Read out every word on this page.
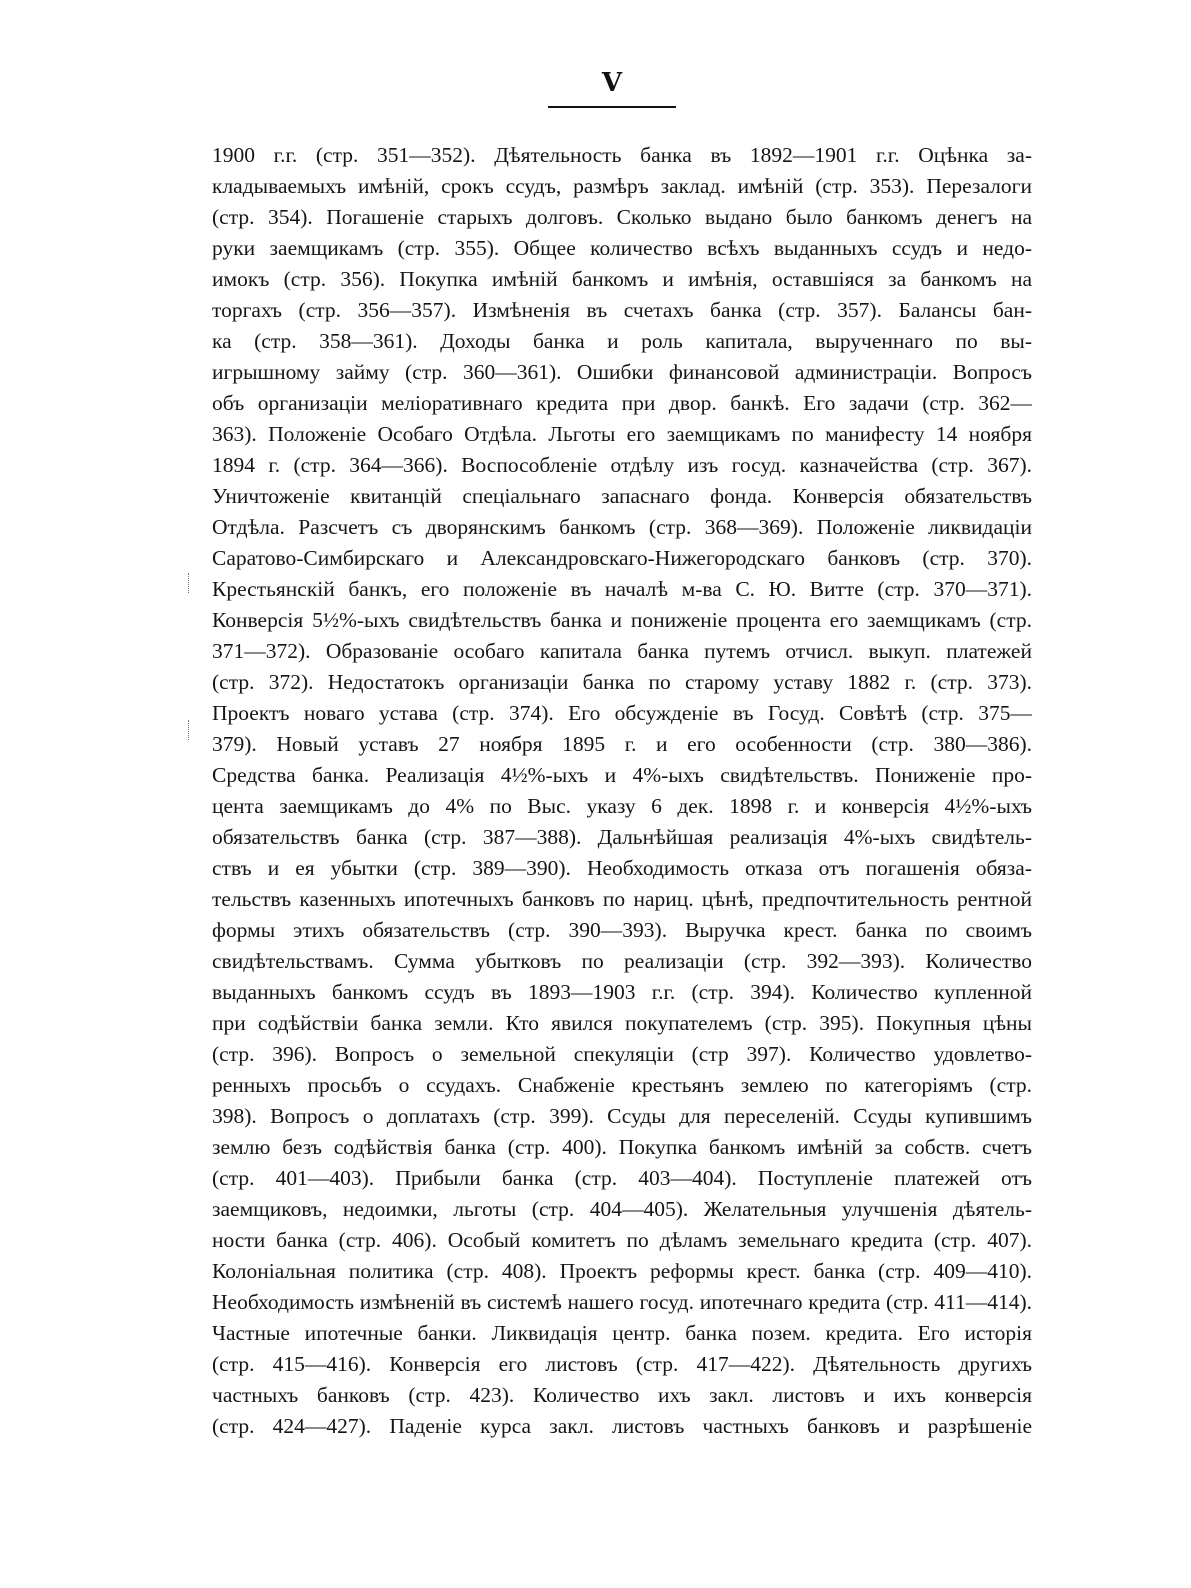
V
1900 г.г. (стр. 351—352). Дѣятельность банка въ 1892—1901 г.г. Оцѣнка за-
кладываемыхъ имѣній, срокъ ссудъ, размѣръ заклад. имѣній (стр. 353). Перезалоги
(стр. 354). Погашеніе старыхъ долговъ. Сколько выдано было банкомъ денегъ на
руки заемщикамъ (стр. 355). Общее количество всѣхъ выданныхъ ссудъ и недо-
имокъ (стр. 356). Покупка имѣній банкомъ и имѣнія, оставшіяся за банкомъ на
торгахъ (стр. 356—357). Измѣненія въ счетахъ банка (стр. 357). Балансы бан-
ка (стр. 358—361). Доходы банка и роль капитала, вырученнаго по вы-
игрышному займу (стр. 360—361). Ошибки финансовой администраціи. Вопросъ
объ организаціи меліоративнаго кредита при двор. банкѣ. Его задачи (стр. 362—
363). Положеніе Особаго Отдѣла. Льготы его заемщикамъ по манифесту 14 ноября
1894 г. (стр. 364—366). Воспособленіе отдѣлу изъ госуд. казначейства (стр. 367).
Уничтоженіе квитанцій спеціальнаго запаснаго фонда. Конверсія обязательствъ
Отдѣла. Разсчетъ съ дворянскимъ банкомъ (стр. 368—369). Положеніе ликвидаціи
Саратово-Симбирскаго и Александровскаго-Нижегородскаго банковъ (стр. 370).
Крестьянскій банкъ, его положеніе въ началѣ м-ва С. Ю. Витте (стр. 370—371).
Конверсія 5½%-ыхъ свидѣтельствъ банка и пониженіе процента его заемщикамъ (стр.
371—372). Образованіе особаго капитала банка путемъ отчисл. выкуп. платежей
(стр. 372). Недостатокъ организаціи банка по старому уставу 1882 г. (стр. 373).
Проектъ новаго устава (стр. 374). Его обсужденіе въ Госуд. Совѣтѣ (стр. 375—
379). Новый уставъ 27 ноября 1895 г. и его особенности (стр. 380—386).
Средства банка. Реализація 4½%-ыхъ и 4%-ыхъ свидѣтельствъ. Пониженіе про-
цента заемщикамъ до 4% по Выс. указу 6 дек. 1898 г. и конверсія 4½%-ыхъ
обязательствъ банка (стр. 387—388). Дальнѣйшая реализація 4%-ыхъ свидѣтель-
ствъ и ея убытки (стр. 389—390). Необходимость отказа отъ погашенія обяза-
тельствъ казенныхъ ипотечныхъ банковъ по нариц. цѣнѣ, предпочтительность рентной
формы этихъ обязательствъ (стр. 390—393). Выручка крест. банка по своимъ
свидѣтельствамъ. Сумма убытковъ по реализаціи (стр. 392—393). Количество
выданныхъ банкомъ ссудъ въ 1893—1903 г.г. (стр. 394). Количество купленной
при содѣйствіи банка земли. Кто явился покупателемъ (стр. 395). Покупныя цѣны
(стр. 396). Вопросъ о земельной спекуляціи (стр 397). Количество удовлетво-
ренныхъ просьбъ о ссудахъ. Снабженіе крестьянъ землею по категоріямъ (стр.
398). Вопросъ о доплатахъ (стр. 399). Ссуды для переселеній. Ссуды купившимъ
землю безъ содѣйствія банка (стр. 400). Покупка банкомъ имѣній за собств. счетъ
(стр. 401—403). Прибыли банка (стр. 403—404). Поступленіе платежей отъ
заемщиковъ, недоимки, льготы (стр. 404—405). Желательныя улучшенія дѣятель-
ности банка (стр. 406). Особый комитетъ по дѣламъ земельнаго кредита (стр. 407).
Колоніальная политика (стр. 408). Проектъ реформы крест. банка (стр. 409—410).
Необходимость измѣненій въ системѣ нашего госуд. ипотечнаго кредита (стр. 411—414).
Частные ипотечные банки. Ликвидація центр. банка позем. кредита. Его исторія
(стр. 415—416). Конверсія его листовъ (стр. 417—422). Дѣятельность другихъ
частныхъ банковъ (стр. 423). Количество ихъ закл. листовъ и ихъ конверсія
(стр. 424—427). Паденіе курса закл. листовъ частныхъ банковъ и разрѣшеніе
